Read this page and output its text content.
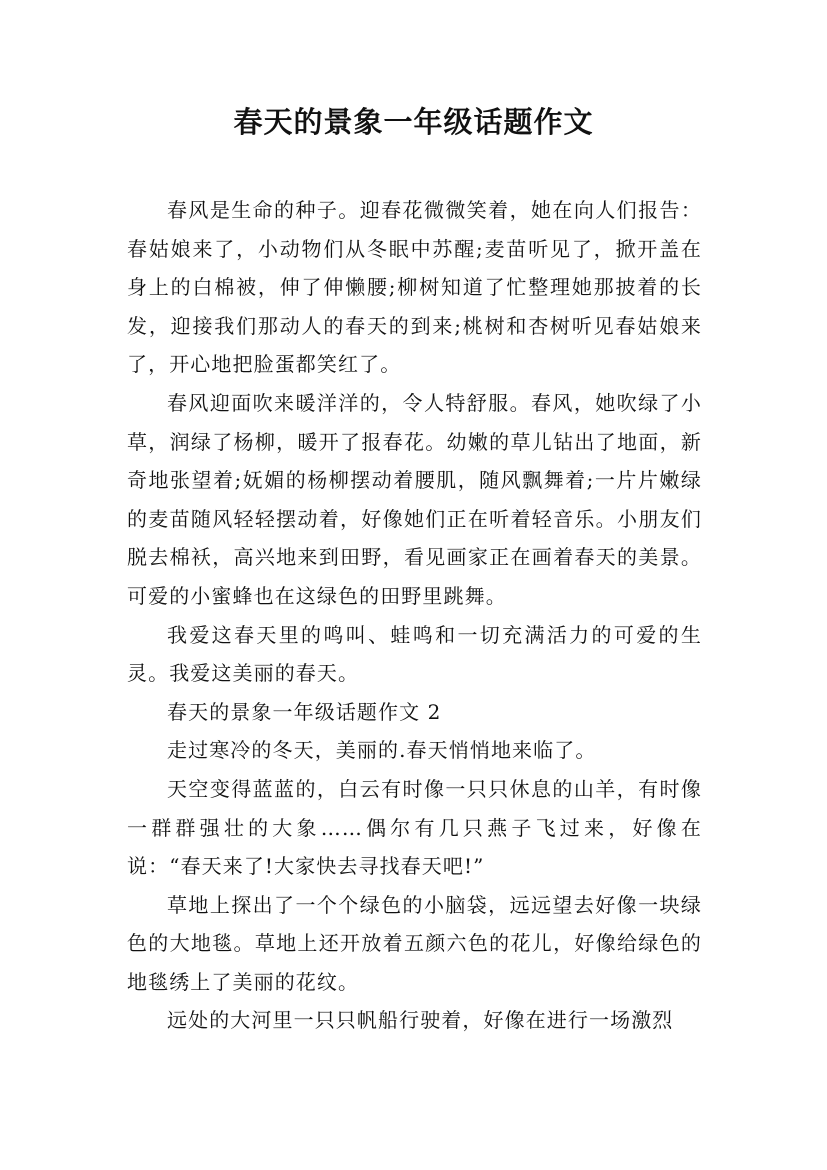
春天的景象一年级话题作文

春风是生命的种子。迎春花微微笑着，她在向人们报告：春姑娘来了，小动物们从冬眠中苏醒;麦苗听见了，掀开盖在身上的白棉被，伸了伸懒腰;柳树知道了忙整理她那披着的长发，迎接我们那动人的春天的到来;桃树和杏树听见春姑娘来了，开心地把脸蛋都笑红了。

春风迎面吹来暖洋洋的，令人特舒服。春风，她吹绿了小草，润绿了杨柳，暖开了报春花。幼嫩的草儿钻出了地面，新奇地张望着;妩媚的杨柳摆动着腰肌，随风飘舞着;一片片嫩绿的麦苗随风轻轻摆动着，好像她们正在听着轻音乐。小朋友们脱去棉袄，高兴地来到田野，看见画家正在画着春天的美景。可爱的小蜜蜂也在这绿色的田野里跳舞。

我爱这春天里的鸣叫、蛙鸣和一切充满活力的可爱的生灵。我爱这美丽的春天。

春天的景象一年级话题作文 2

走过寒冷的冬天，美丽的.春天悄悄地来临了。

天空变得蓝蓝的，白云有时像一只只休息的山羊，有时像一群群强壮的大象……偶尔有几只燕子飞过来，好像在说：“春天来了!大家快去寻找春天吧!”

草地上探出了一个个绿色的小脑袋，远远望去好像一块绿色的大地毯。草地上还开放着五颜六色的花儿，好像给绿色的地毯绣上了美丽的花纹。

远处的大河里一只只帆船行驶着，好像在进行一场激烈
